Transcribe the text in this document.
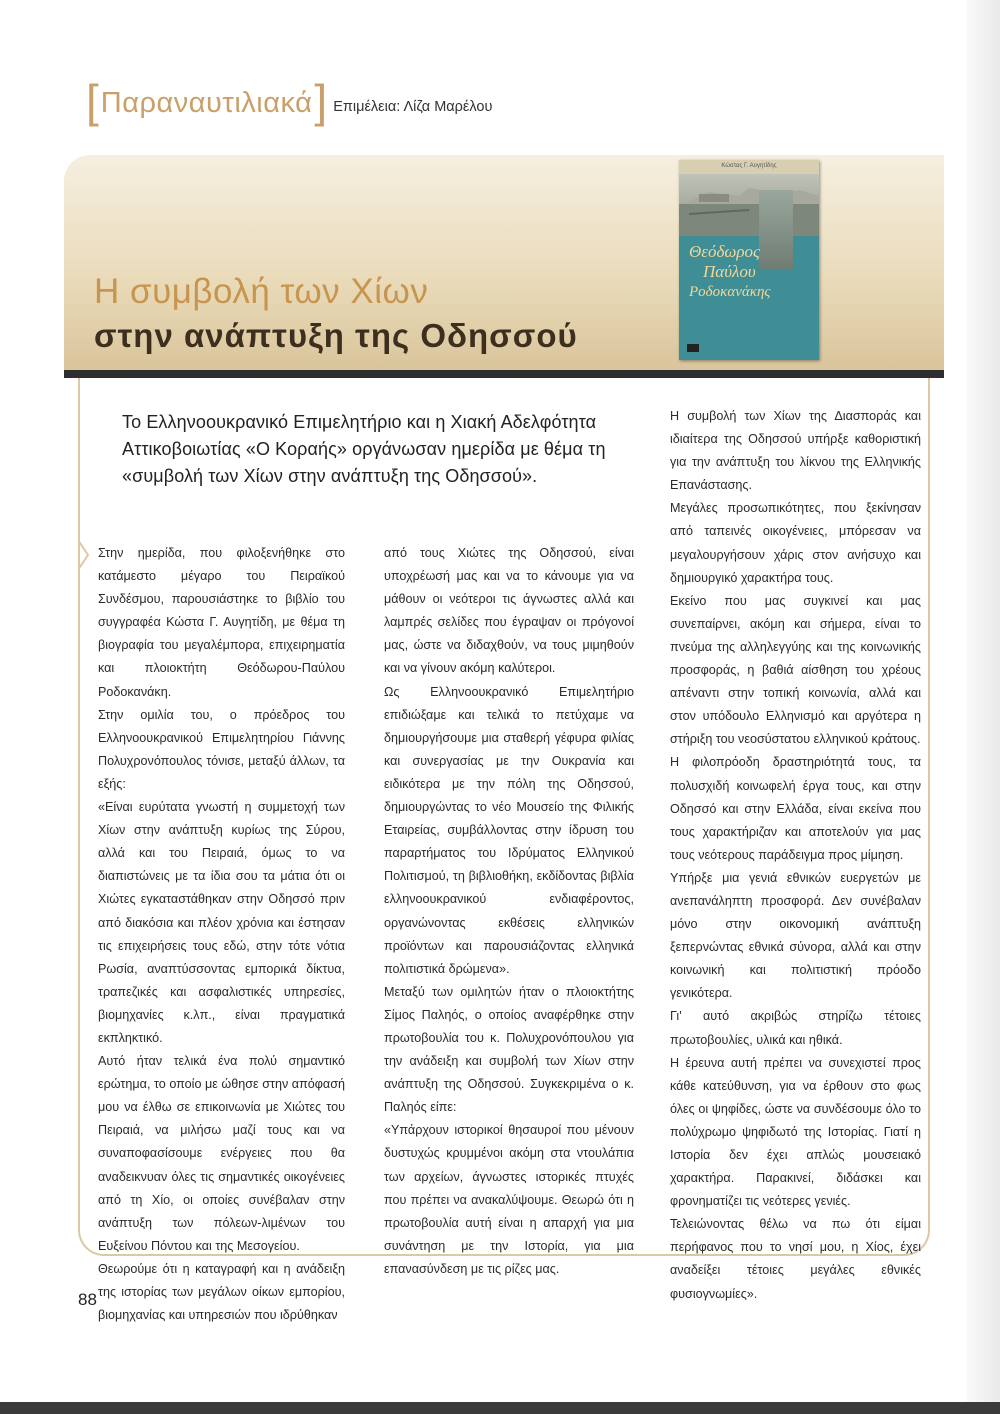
[ Παραναυτιλιακά ] Επιμέλεια: Λίζα Μαρέλου
Η συμβολή των Χίων
στην ανάπτυξη της Οδησσού
Κώστας Γ. Αυγητίδης
Θεόδωρος
Παύλου
Ροδοκανάκης
Το Ελληνοουκρανικό Επιμελητήριο και η Χιακή Αδελφότητα Αττικοβοιωτίας «Ο Κοραής» οργάνωσαν ημερίδα με θέμα τη «συμβολή των Χίων στην ανάπτυξη της Οδησσού».

Στην ημερίδα, που φιλοξενήθηκε στο κατάμεστο μέγαρο του Πειραϊκού Συνδέσμου, παρουσιάστηκε το βιβλίο του συγγραφέα Κώστα Γ. Αυγητίδη, με θέμα τη βιογραφία του μεγαλέμπορα, επιχειρηματία και πλοιοκτήτη Θεόδωρου-Παύλου Ροδοκανάκη.

Στην ομιλία του, ο πρόεδρος του Ελληνοουκρανικού Επιμελητηρίου Γιάννης Πολυχρονόπουλος τόνισε, μεταξύ άλλων, τα εξής:

«Είναι ευρύτατα γνωστή η συμμετοχή των Χίων στην ανάπτυξη κυρίως της Σύρου, αλλά και του Πειραιά, όμως το να διαπιστώνεις με τα ίδια σου τα μάτια ότι οι Χιώτες εγκαταστάθηκαν στην Οδησσό πριν από διακόσια και πλέον χρόνια και έστησαν τις επιχειρήσεις τους εδώ, στην τότε νότια Ρωσία, αναπτύσσοντας εμπορικά δίκτυα, τραπεζικές και ασφαλιστικές υπηρεσίες, βιομηχανίες κ.λπ., είναι πραγματικά εκπληκτικό.

Αυτό ήταν τελικά ένα πολύ σημαντικό ερώτημα, το οποίο με ώθησε στην απόφασή μου να έλθω σε επικοινωνία με Χιώτες του Πειραιά, να μιλήσω μαζί τους και να συναποφασίσουμε ενέργειες που θα αναδεικνυαν όλες τις σημαντικές οικογένειες από τη Χίο, οι οποίες συνέβαλαν στην ανάπτυξη των πόλεων-λιμένων του Ευξείνου Πόντου και της Μεσογείου.

Θεωρούμε ότι η καταγραφή και η ανάδειξη της ιστορίας των μεγάλων οίκων εμπορίου, βιομηχανίας και υπηρεσιών που ιδρύθηκαν

από τους Χιώτες της Οδησσού, είναι υποχρέωσή μας και να το κάνουμε για να μάθουν οι νεότεροι τις άγνωστες αλλά και λαμπρές σελίδες που έγραψαν οι πρόγονοί μας, ώστε να διδαχθούν, να τους μιμηθούν και να γίνουν ακόμη καλύτεροι.

Ως Ελληνοουκρανικό Επιμελητήριο επιδιώξαμε και τελικά το πετύχαμε να δημιουργήσουμε μια σταθερή γέφυρα φιλίας και συνεργασίας με την Ουκρανία και ειδικότερα με την πόλη της Οδησσού, δημιουργώντας το νέο Μουσείο της Φιλικής Εταιρείας, συμβάλλοντας στην ίδρυση του παραρτήματος του Ιδρύματος Ελληνικού Πολιτισμού, τη βιβλιοθήκη, εκδίδοντας βιβλία ελληνοουκρανικού ενδιαφέροντος, οργανώνοντας εκθέσεις ελληνικών προϊόντων και παρουσιάζοντας ελληνικά πολιτιστικά δρώμενα».

Μεταξύ των ομιλητών ήταν ο πλοιοκτήτης Σίμος Παληός, ο οποίος αναφέρθηκε στην πρωτοβουλία του κ. Πολυχρονόπουλου για την ανάδειξη και συμβολή των Χίων στην ανάπτυξη της Οδησσού. Συγκεκριμένα ο κ. Παληός είπε:

«Υπάρχουν ιστορικοί θησαυροί που μένουν δυστυχώς κρυμμένοι ακόμη στα ντουλάπια των αρχείων, άγνωστες ιστορικές πτυχές που πρέπει να ανακαλύψουμε. Θεωρώ ότι η πρωτοβουλία αυτή είναι η απαρχή για μια συνάντηση με την Ιστορία, για μια επανασύνδεση με τις ρίζες μας.

Η συμβολή των Χίων της Διασποράς και ιδιαίτερα της Οδησσού υπήρξε καθοριστική για την ανάπτυξη του λίκνου της Ελληνικής Επανάστασης.

Μεγάλες προσωπικότητες, που ξεκίνησαν από ταπεινές οικογένειες, μπόρεσαν να μεγαλουργήσουν χάρις στον ανήσυχο και δημιουργικό χαρακτήρα τους.

Εκείνο που μας συγκινεί και μας συνεπαίρνει, ακόμη και σήμερα, είναι το πνεύμα της αλληλεγγύης και της κοινωνικής προσφοράς, η βαθιά αίσθηση του χρέους απέναντι στην τοπική κοινωνία, αλλά και στον υπόδουλο Ελληνισμό και αργότερα η στήριξη του νεοσύστατου ελληνικού κράτους.

Η φιλοπρόοδη δραστηριότητά τους, τα πολυσχιδή κοινωφελή έργα τους, και στην Οδησσό και στην Ελλάδα, είναι εκείνα που τους χαρακτήριζαν και αποτελούν για μας τους νεότερους παράδειγμα προς μίμηση.

Υπήρξε μια γενιά εθνικών ευεργετών με ανεπανάληπτη προσφορά. Δεν συνέβαλαν μόνο στην οικονομική ανάπτυξη ξεπερνώντας εθνικά σύνορα, αλλά και στην κοινωνική και πολιτιστική πρόοδο γενικότερα.

Γι' αυτό ακριβώς στηρίζω τέτοιες πρωτοβουλίες, υλικά και ηθικά.

Η έρευνα αυτή πρέπει να συνεχιστεί προς κάθε κατεύθυνση, για να έρθουν στο φως όλες οι ψηφίδες, ώστε να συνδέσουμε όλο το πολύχρωμο ψηφιδωτό της Ιστορίας. Γιατί η Ιστορία δεν έχει απλώς μουσειακό χαρακτήρα. Παρακινεί, διδάσκει και φρονηματίζει τις νεότερες γενιές.

Τελειώνοντας θέλω να πω ότι είμαι περήφανος που το νησί μου, η Χίος, έχει αναδείξει τέτοιες μεγάλες εθνικές φυσιογνωμίες».

88
